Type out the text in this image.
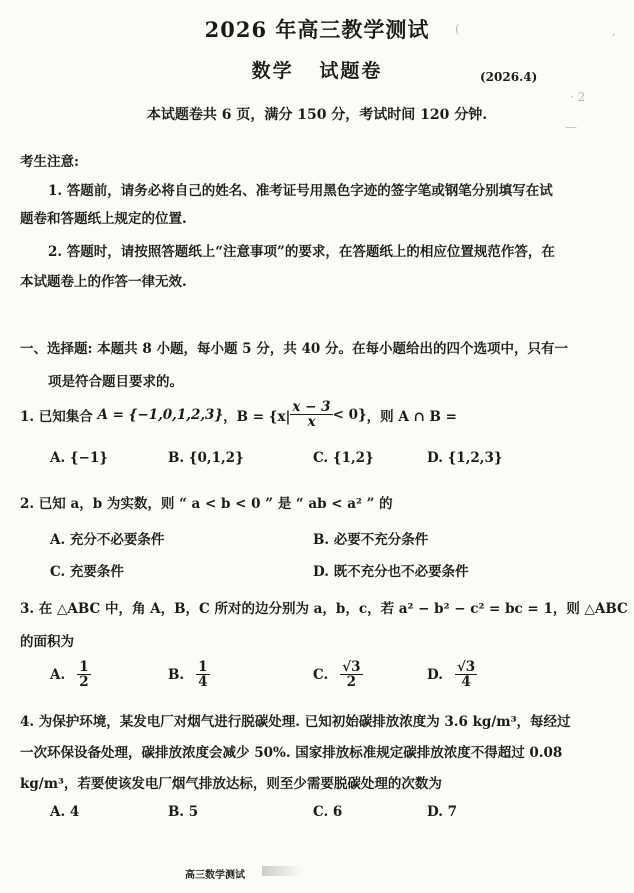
2026 年高三教学测试
数学   试题卷	(2026.4)
本试题卷共 6 页，满分 150 分，考试时间 120 分钟.
(	,
· 2
—
考生注意:
1. 答题前，请务必将自己的姓名、准考证号用黑色字迹的签字笔或钢笔分别填写在试
题卷和答题纸上规定的位置.
2. 答题时，请按照答题纸上“注意事项”的要求，在答题纸上的相应位置规范作答，在
本试题卷上的作答一律无效.
一、选择题: 本题共 8 小题，每小题 5 分，共 40 分。在每小题给出的四个选项中，只有一
项是符合题目要求的。
1. 已知集合 A = {−1,0,1,2,3} ，$B = \{x| \frac{x - 3}{x} < 0\}$ ，则 A ∩ B =
A. {−1}	B. {0,1,2}	C. {1,2}	D. {1,2,3}
2. 已知 a，b 为实数，则 “ a < b < 0 ” 是 “ ab < a² ” 的
A. 充分不必要条件	B. 必要不充分条件
C. 充要条件	D. 既不充分也不必要条件
3. 在 △ABC 中，角 A，B，C 所对的边分别为 a，b，c，若 a² − b² − c² = bc = 1，则 △ABC
的面积为
A. $\frac{1}{2}$	B. $\frac{1}{4}$	C. $\frac{√3}{2}$	D. $\frac{√3}{4}$
4. 为保护环境，某发电厂对烟气进行脱碳处理. 已知初始碳排放浓度为 3.6 kg/m³，每经过
一次环保设备处理，碳排放浓度会减少 50%. 国家排放标准规定碳排放浓度不得超过 0.08
kg/m³，若要使该发电厂烟气排放达标，则至少需要脱碳处理的次数为
A. 4	B. 5	C. 6	D. 7
高三数学测试
